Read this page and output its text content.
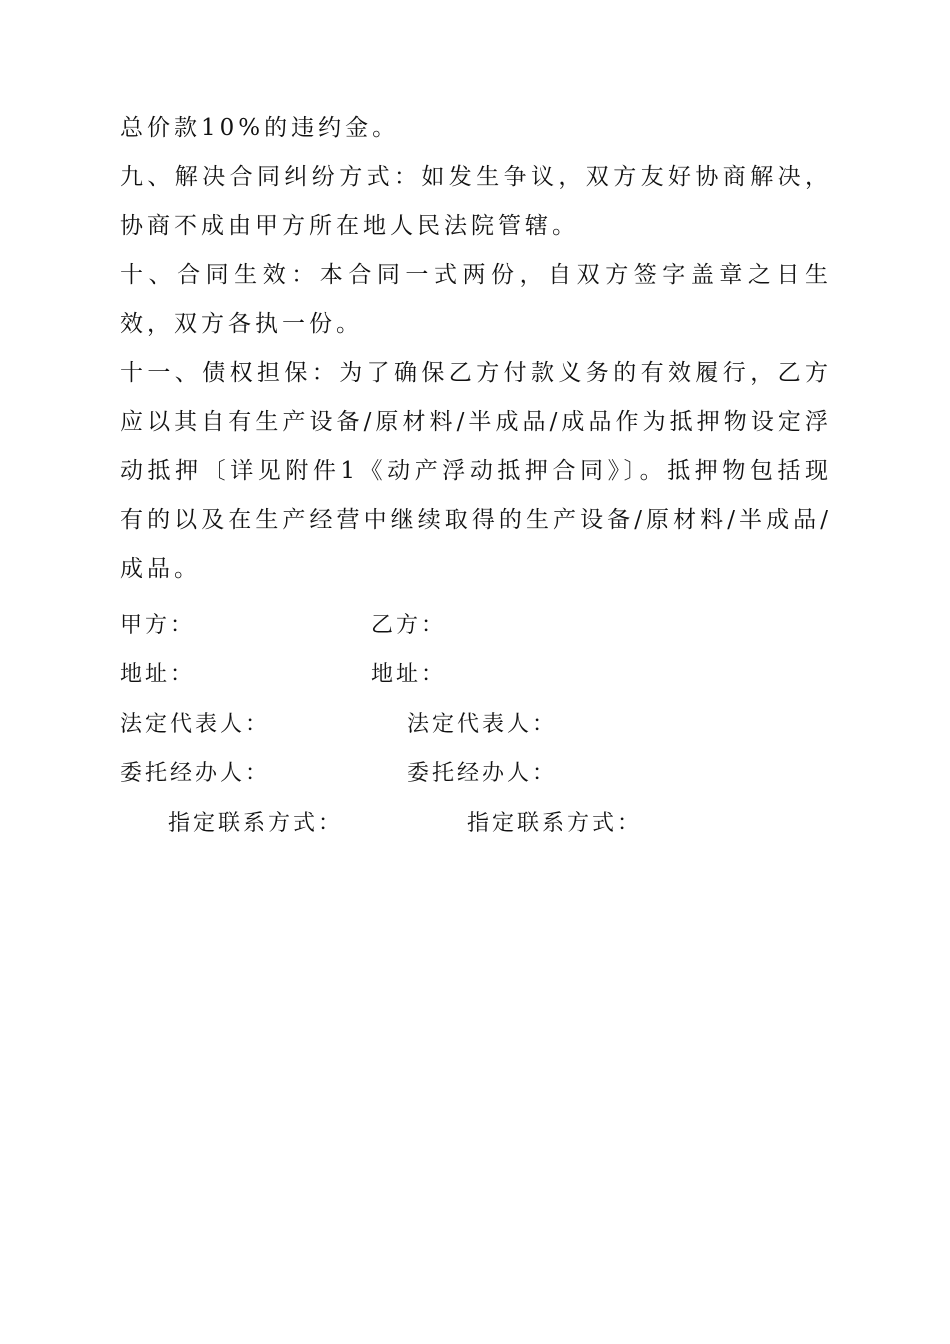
总价款10%的违约金。

九、解决合同纠纷方式：如发生争议，双方友好协商解决，协商不成由甲方所在地人民法院管辖。

十、合同生效：本合同一式两份，自双方签字盖章之日生效，双方各执一份。

十一、债权担保：为了确保乙方付款义务的有效履行，乙方应以其自有生产设备/原材料/半成品/成品作为抵押物设定浮动抵押〔详见附件1《动产浮动抵押合同》〕。抵押物包括现有的以及在生产经营中继续取得的生产设备/原材料/半成品/成品。

甲方：
地址：
法定代表人：
委托经办人：
指定联系方式：
乙方：
地址：
法定代表人：
委托经办人：
指定联系方式：
